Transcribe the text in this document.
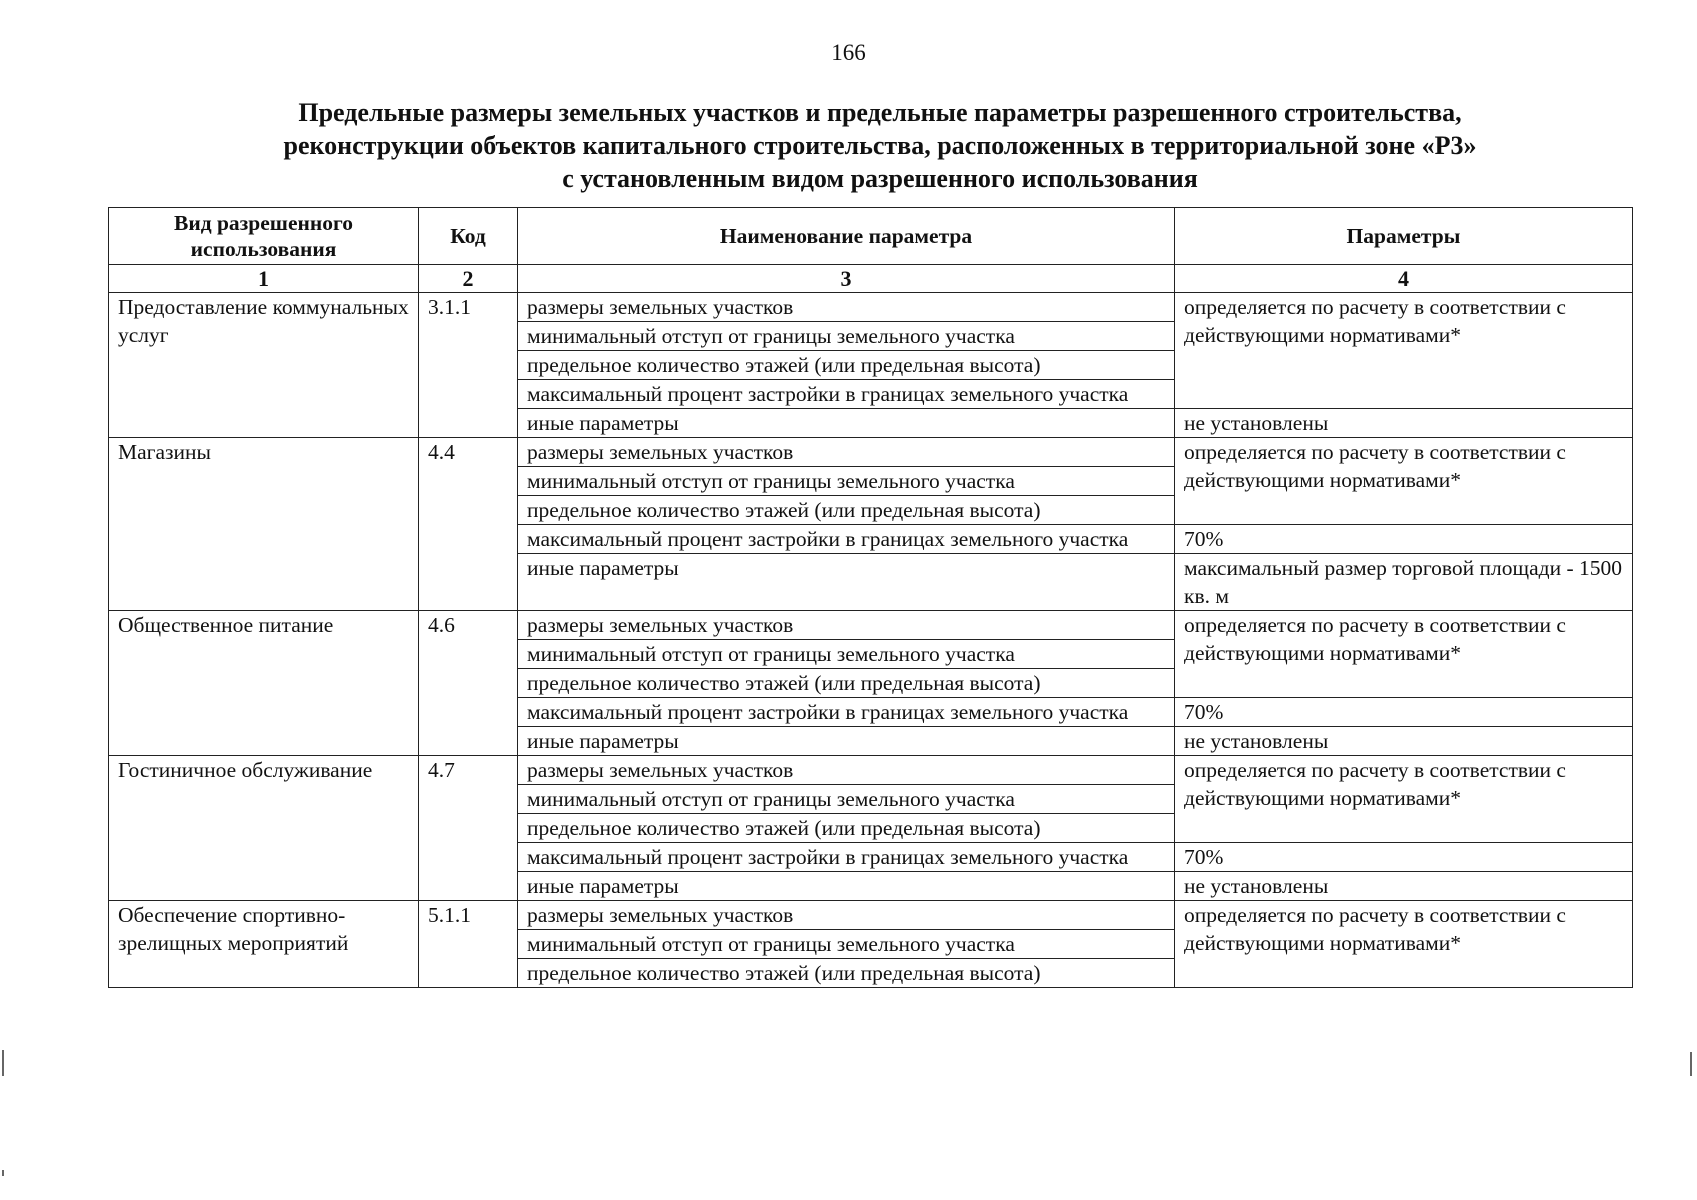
166
Предельные размеры земельных участков и предельные параметры разрешенного строительства,
реконструкции объектов капитального строительства, расположенных в территориальной зоне «Р3»
с установленным видом разрешенного использования
Вид разрешенного использования	Код	Наименование параметра	Параметры
1	2	3	4
Предоставление коммунальных услуг	3.1.1	размеры земельных участков	определяется по расчету в соответствии с действующими нормативами*
		минимальный отступ от границы земельного участка	
		предельное количество этажей (или предельная высота)	
		максимальный процент застройки в границах земельного участка	
		иные параметры	не установлены
Магазины	4.4	размеры земельных участков	определяется по расчету в соответствии с действующими нормативами*
		минимальный отступ от границы земельного участка	
		предельное количество этажей (или предельная высота)	
		максимальный процент застройки в границах земельного участка	70%
		иные параметры	максимальный размер торговой площади - 1500 кв. м
Общественное питание	4.6	размеры земельных участков	определяется по расчету в соответствии с действующими нормативами*
		минимальный отступ от границы земельного участка	
		предельное количество этажей (или предельная высота)	
		максимальный процент застройки в границах земельного участка	70%
		иные параметры	не установлены
Гостиничное обслуживание	4.7	размеры земельных участков	определяется по расчету в соответствии с действующими нормативами*
		минимальный отступ от границы земельного участка	
		предельное количество этажей (или предельная высота)	
		максимальный процент застройки в границах земельного участка	70%
		иные параметры	не установлены
Обеспечение спортивно-зрелищных мероприятий	5.1.1	размеры земельных участков	определяется по расчету в соответствии с действующими нормативами*
		минимальный отступ от границы земельного участка	
		предельное количество этажей (или предельная высота)	
